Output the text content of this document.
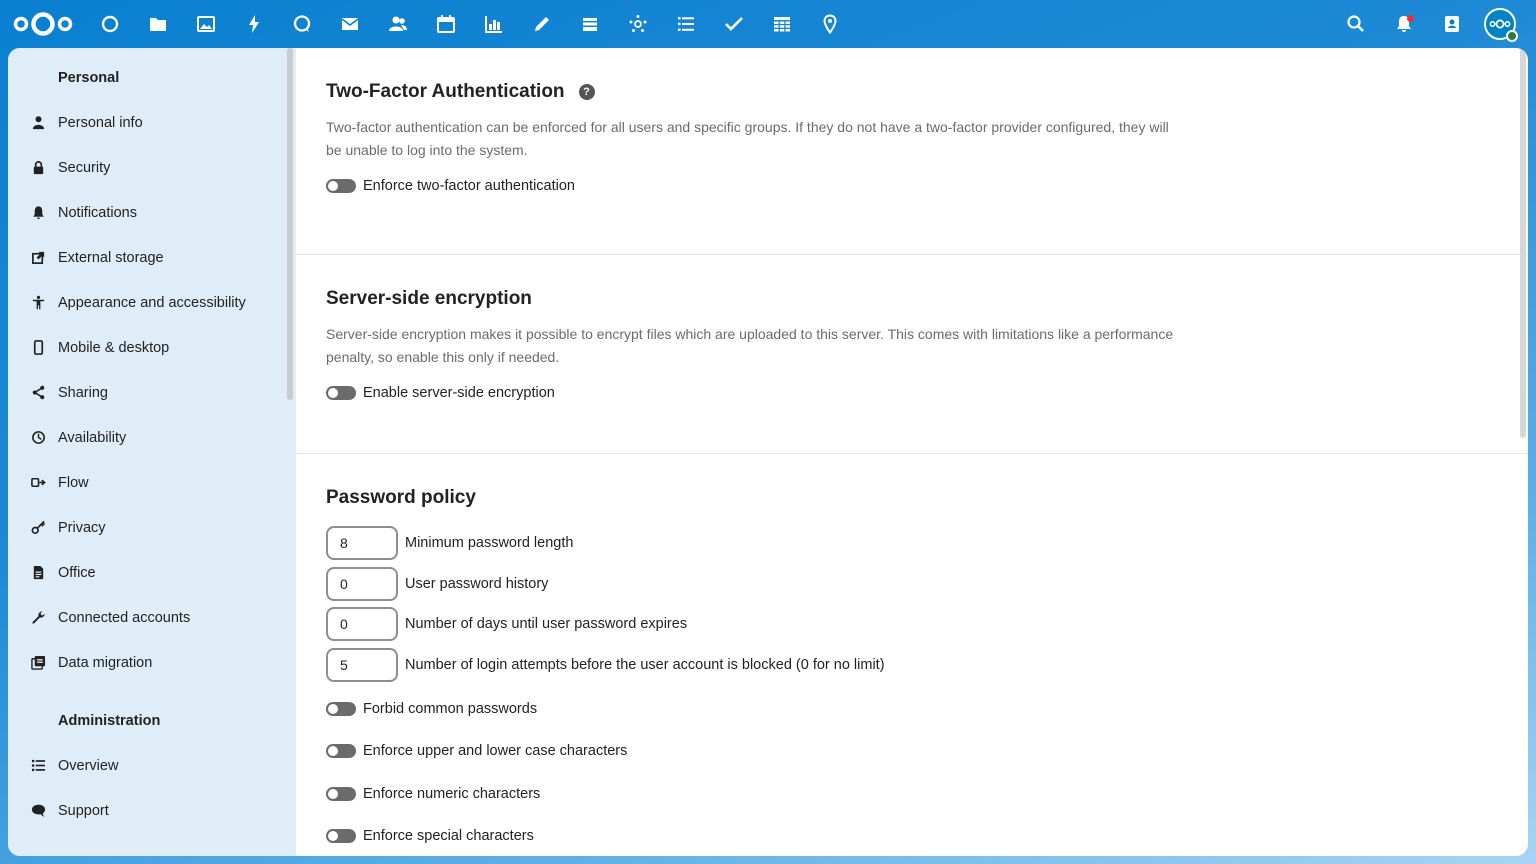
Personal
Personal info
Security
Notifications
External storage
Appearance and accessibility
Mobile & desktop
Sharing
Availability
Flow
Privacy
Office
Connected accounts
Data migration
Administration
Overview
Support
Two-Factor Authentication	?

Two-factor authentication can be enforced for all users and specific groups. If they do not have a two-factor provider configured, they will be unable to log into the system.

Enforce two-factor authentication
Server-side encryption

Server-side encryption makes it possible to encrypt files which are uploaded to this server. This comes with limitations like a performance penalty, so enable this only if needed.

Enable server-side encryption
Password policy
8
Minimum password length
0
User password history
0
Number of days until user password expires
5
Number of login attempts before the user account is blocked (0 for no limit)
Forbid common passwords
Enforce upper and lower case characters
Enforce numeric characters
Enforce special characters
